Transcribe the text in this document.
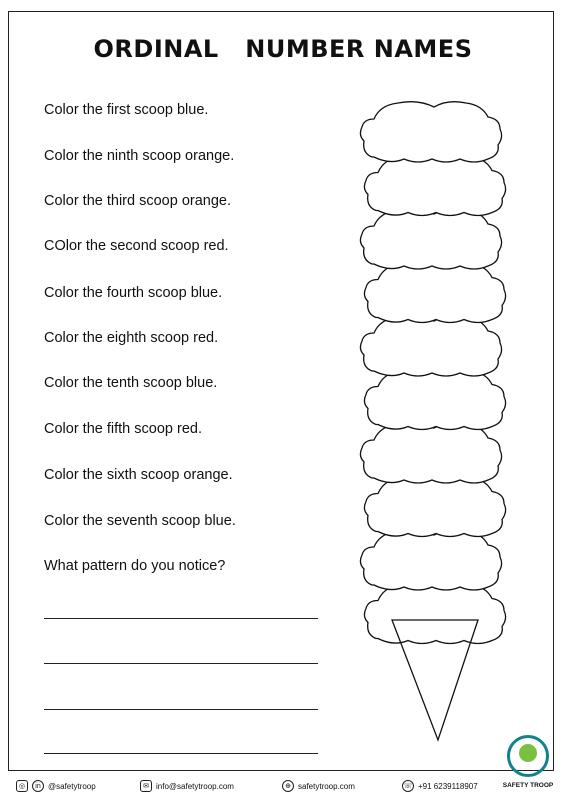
ORDINAL   NUMBER NAMES
Color the first scoop blue.
Color the ninth scoop orange.
Color the third scoop orange.
COlor the second scoop red.
Color the fourth scoop blue.
Color the eighth scoop red.
Color the tenth scoop blue.
Color the fifth scoop red.
Color the sixth scoop orange.
Color the seventh scoop blue.
What pattern do you notice?
◎	in @safetytroop	✉ info@safetytroop.com	⊕ safetytroop.com	☏ +91 6239118907	SAFETY TROOP
